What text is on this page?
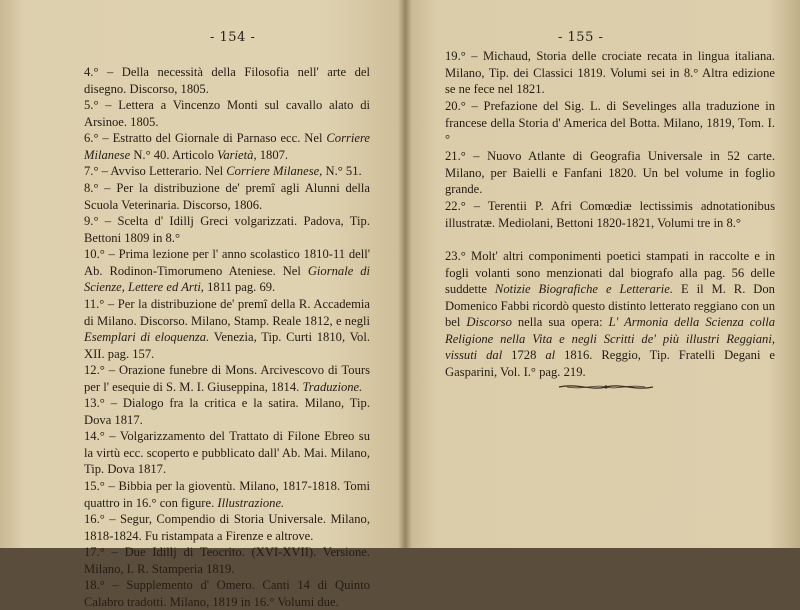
- 154 -
4.° – Della necessità della Filosofia nell' arte del disegno. Discorso, 1805.
5.° – Lettera a Vincenzo Monti sul cavallo alato di Arsinoe. 1805.
6.° – Estratto del Giornale di Parnaso ecc. Nel Corriere Milanese N.° 40. Articolo Varietà, 1807.
7.° – Avviso Letterario. Nel Corriere Milanese, N.° 51.
8.° – Per la distribuzione de' premî agli Alunni della Scuola Veterinaria. Discorso, 1806.
9.° – Scelta d' Idillj Greci volgarizzati. Padova, Tip. Bettoni 1809 in 8.°
10.° – Prima lezione per l' anno scolastico 1810-11 dell' Ab. Rodinon-Timorumeno Ateniese. Nel Giornale di Scienze, Lettere ed Arti, 1811 pag. 69.
11.° – Per la distribuzione de' premî della R. Accademia di Milano. Discorso. Milano, Stamp. Reale 1812, e negli Esemplari di eloquenza. Venezia, Tip. Curti 1810, Vol. XII. pag. 157.
12.° – Orazione funebre di Mons. Arcivescovo di Tours per l' esequie di S. M. I. Giuseppina, 1814. Traduzione.
13.° – Dialogo fra la critica e la satira. Milano, Tip. Dova 1817.
14.° – Volgarizzamento del Trattato di Filone Ebreo su la virtù ecc. scoperto e pubblicato dall' Ab. Mai. Milano, Tip. Dova 1817.
15.° – Bibbia per la gioventù. Milano, 1817-1818. Tomi quattro in 16.° con figure. Illustrazione.
16.° – Segur, Compendio di Storia Universale. Milano, 1818-1824. Fu ristampata a Firenze e altrove.
17.° – Due Idillj di Teocrito. (XVI-XVII). Versione. Milano, I. R. Stamperia 1819.
18.° – Supplemento d' Omero. Canti 14 di Quinto Calabro tradotti. Milano, 1819 in 16.° Volumi due.
- 155 -
19.° – Michaud, Storia delle crociate recata in lingua italiana. Milano, Tip. dei Classici 1819. Volumi sei in 8.° Altra edizione se ne fece nel 1821.
20.° – Prefazione del Sig. L. di Sevelinges alla traduzione in francese della Storia d' America del Botta. Milano, 1819, Tom. I.°
21.° – Nuovo Atlante di Geografia Universale in 52 carte. Milano, per Baielli e Fanfani 1820. Un bel volume in foglio grande.
22.° – Terentii P. Afri Comœdiæ lectissimis adnotationibus illustratæ. Mediolani, Bettoni 1820-1821, Volumi tre in 8.°
23.° Molt' altri componimenti poetici stampati in raccolte e in fogli volanti sono menzionati dal biografo alla pag. 56 delle suddette Notizie Biografiche e Letterarie. E il M. R. Don Domenico Fabbi ricordò questo distinto letterato reggiano con un bel Discorso nella sua opera: L' Armonia della Scienza colla Religione nella Vita e negli Scritti de' più illustri Reggiani, vissuti dal 1728 al 1816. Reggio, Tip. Fratelli Degani e Gasparini, Vol. I.° pag. 219.
